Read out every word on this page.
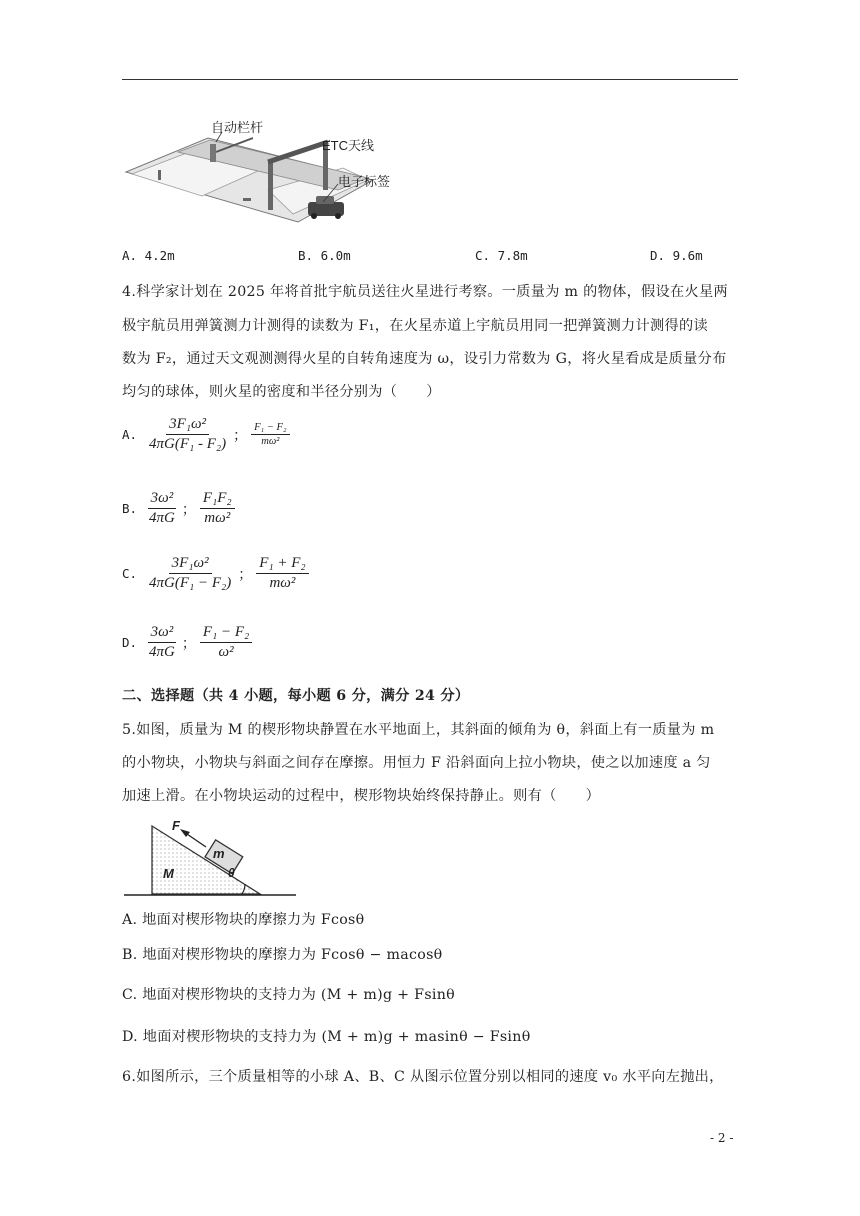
自动栏杆
ETC天线
电子标签
A. 4.2m	B. 6.0m	C. 7.8m	D. 9.6m
4.科学家计划在 2025 年将首批宇航员送往火星进行考察。一质量为 m 的物体，假设在火星两
极宇航员用弹簧测力计测得的读数为 F₁，在火星赤道上宇航员用同一把弹簧测力计测得的读
数为 F₂，通过天文观测测得火星的自转角速度为 ω，设引力常数为 G，将火星看成是质量分布
均匀的球体，则火星的密度和半径分别为（　　）
A. $\frac{\text{3F₁ω²}}{\text{4πG(F₁ - F₂)}}$ ； $\frac{\text{F₁ − F₂}}{\text{mω²}}$
B. $\frac{\text{3ω²}}{4\pi G}$ ； $\frac{\text{F₁F₂}}{\text{mω²}}$
C. $\frac{\text{3F₁ω²}}{\text{4πG(F₁ − F₂)}}$ ； $\frac{\text{F₁ + F₂}}{\text{mω²}}$
D. $\frac{\text{3ω²}}{4\pi G}$ ； $\frac{\text{F₁ − F₂}}{\text{ω²}}$
二、选择题（共 4 小题，每小题 6 分，满分 24 分）
5.如图，质量为 M 的楔形物块静置在水平地面上，其斜面的倾角为 θ，斜面上有一质量为 m
的小物块，小物块与斜面之间存在摩擦。用恒力 F 沿斜面向上拉小物块，使之以加速度 a 匀
加速上滑。在小物块运动的过程中，楔形物块始终保持静止。则有（　　）
F
m
M	θ
A. 地面对楔形物块的摩擦力为 Fcosθ
B. 地面对楔形物块的摩擦力为 Fcosθ − macosθ
C. 地面对楔形物块的支持力为 (M + m)g + Fsinθ
D. 地面对楔形物块的支持力为 (M + m)g + masinθ − Fsinθ
6.如图所示，三个质量相等的小球 A、B、C 从图示位置分别以相同的速度 v₀ 水平向左抛出，
- 2 -
